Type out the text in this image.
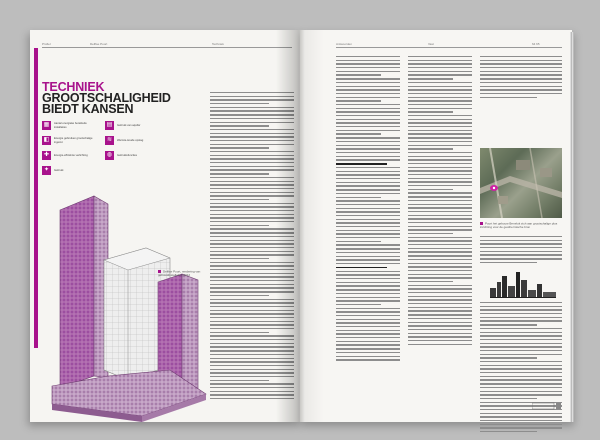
Profiel	Delftse Poort	Techniek
TECHNIEK
GROOTSCHALIGHEID
BIEDT KANSEN
▦	Aantal energieke bereklede installaties	▤	Gebruik van aquifer
◧	Energie gebruiken grootschalige ingezet	≋	Warmte-koude opslag
✚	Energie-efficiënte verlichting	◍	Gebruiksfuncties
✦	Gebruik
Delftse Poort, rendering van gebouwinstallaties 2012
Antwoorden	Vast	64 65
Poort het gebouw Beneluk zich aan grootschalige plus inrichting voor de geothermische bron
